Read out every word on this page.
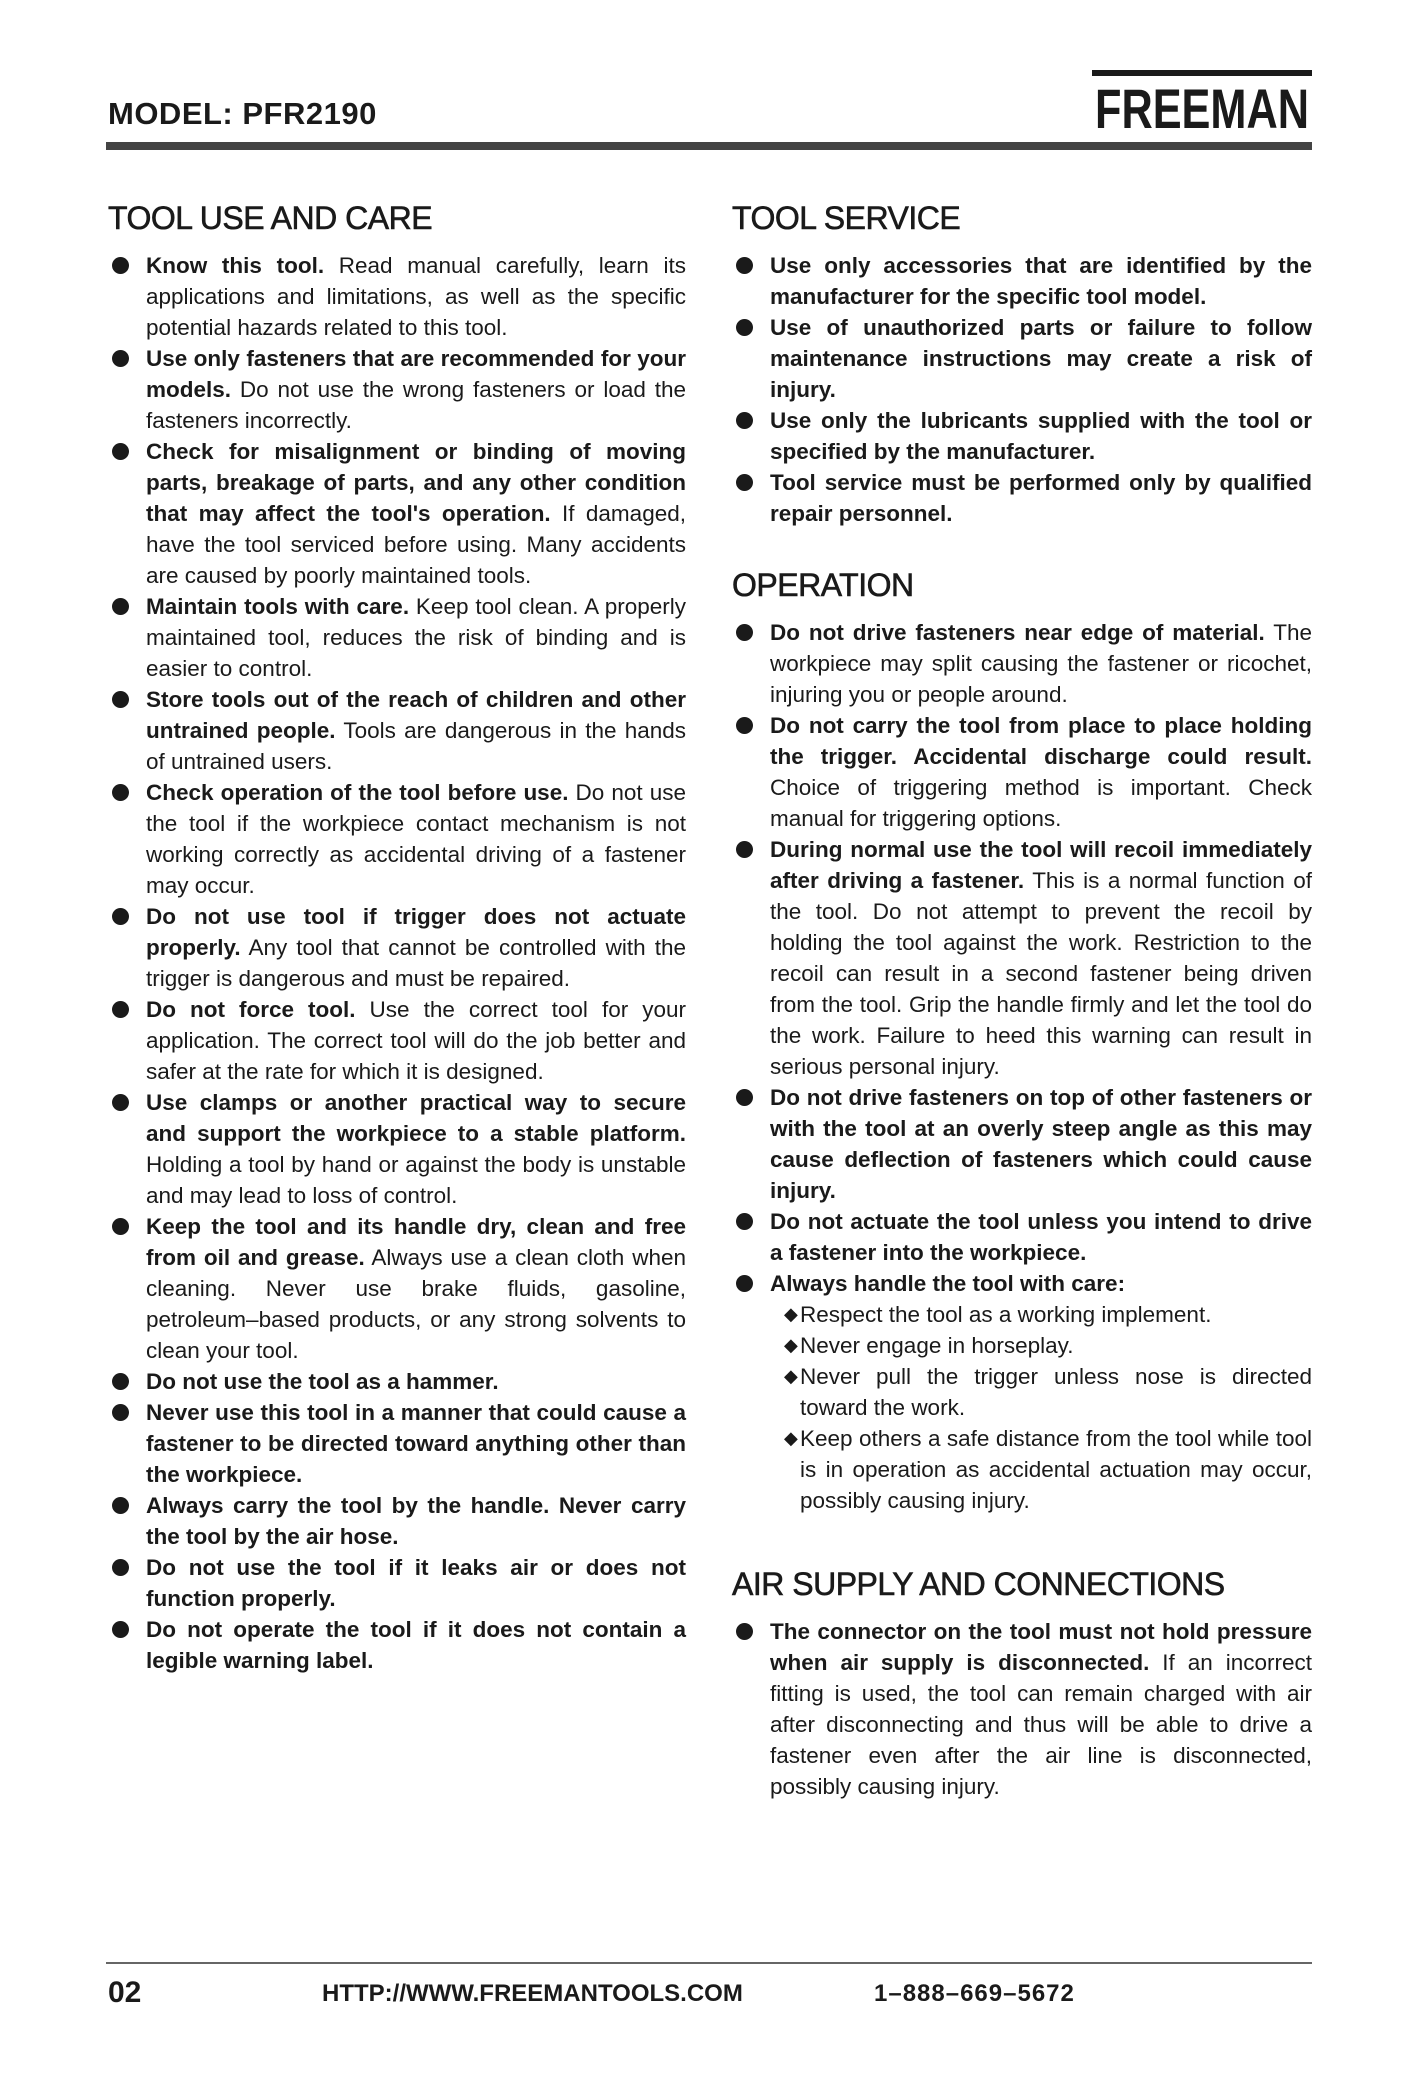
MODEL: PFR2190	FREEMAN
TOOL USE AND CARE
Know this tool. Read manual carefully, learn its applications and limitations, as well as the specific potential hazards related to this tool.
Use only fasteners that are recommended for your models. Do not use the wrong fasteners or load the fasteners incorrectly.
Check for misalignment or binding of moving parts, breakage of parts, and any other condition that may affect the tool's operation. If damaged, have the tool serviced before using. Many accidents are caused by poorly maintained tools.
Maintain tools with care. Keep tool clean. A properly maintained tool, reduces the risk of binding and is easier to control.
Store tools out of the reach of children and other untrained people. Tools are dangerous in the hands of untrained users.
Check operation of the tool before use. Do not use the tool if the workpiece contact mechanism is not working correctly as accidental driving of a fastener may occur.
Do not use tool if trigger does not actuate properly. Any tool that cannot be controlled with the trigger is dangerous and must be repaired.
Do not force tool. Use the correct tool for your application. The correct tool will do the job better and safer at the rate for which it is designed.
Use clamps or another practical way to secure and support the workpiece to a stable platform. Holding a tool by hand or against the body is unstable and may lead to loss of control.
Keep the tool and its handle dry, clean and free from oil and grease. Always use a clean cloth when cleaning. Never use brake fluids, gasoline, petroleum–based products, or any strong solvents to clean your tool.
Do not use the tool as a hammer.
Never use this tool in a manner that could cause a fastener to be directed toward anything other than the workpiece.
Always carry the tool by the handle. Never carry the tool by the air hose.
Do not use the tool if it leaks air or does not function properly.
Do not operate the tool if it does not contain a legible warning label.
TOOL SERVICE
Use only accessories that are identified by the manufacturer for the specific tool model.
Use of unauthorized parts or failure to follow maintenance instructions may create a risk of injury.
Use only the lubricants supplied with the tool or specified by the manufacturer.
Tool service must be performed only by qualified repair personnel.
OPERATION
Do not drive fasteners near edge of material. The workpiece may split causing the fastener or ricochet, injuring you or people around.
Do not carry the tool from place to place holding the trigger. Accidental discharge could result. Choice of triggering method is important. Check manual for triggering options.
During normal use the tool will recoil immediately after driving a fastener. This is a normal function of the tool. Do not attempt to prevent the recoil by holding the tool against the work. Restriction to the recoil can result in a second fastener being driven from the tool. Grip the handle firmly and let the tool do the work. Failure to heed this warning can result in serious personal injury.
Do not drive fasteners on top of other fasteners or with the tool at an overly steep angle as this may cause deflection of fasteners which could cause injury.
Do not actuate the tool unless you intend to drive a fastener into the workpiece.
Always handle the tool with care:
◆ Respect the tool as a working implement.
◆ Never engage in horseplay.
◆ Never pull the trigger unless nose is directed toward the work.
◆ Keep others a safe distance from the tool while tool is in operation as accidental actuation may occur, possibly causing injury.
AIR SUPPLY AND CONNECTIONS
The connector on the tool must not hold pressure when air supply is disconnected. If an incorrect fitting is used, the tool can remain charged with air after disconnecting and thus will be able to drive a fastener even after the air line is disconnected, possibly causing injury.
02	HTTP://WWW.FREEMANTOOLS.COM	1–888–669–5672
